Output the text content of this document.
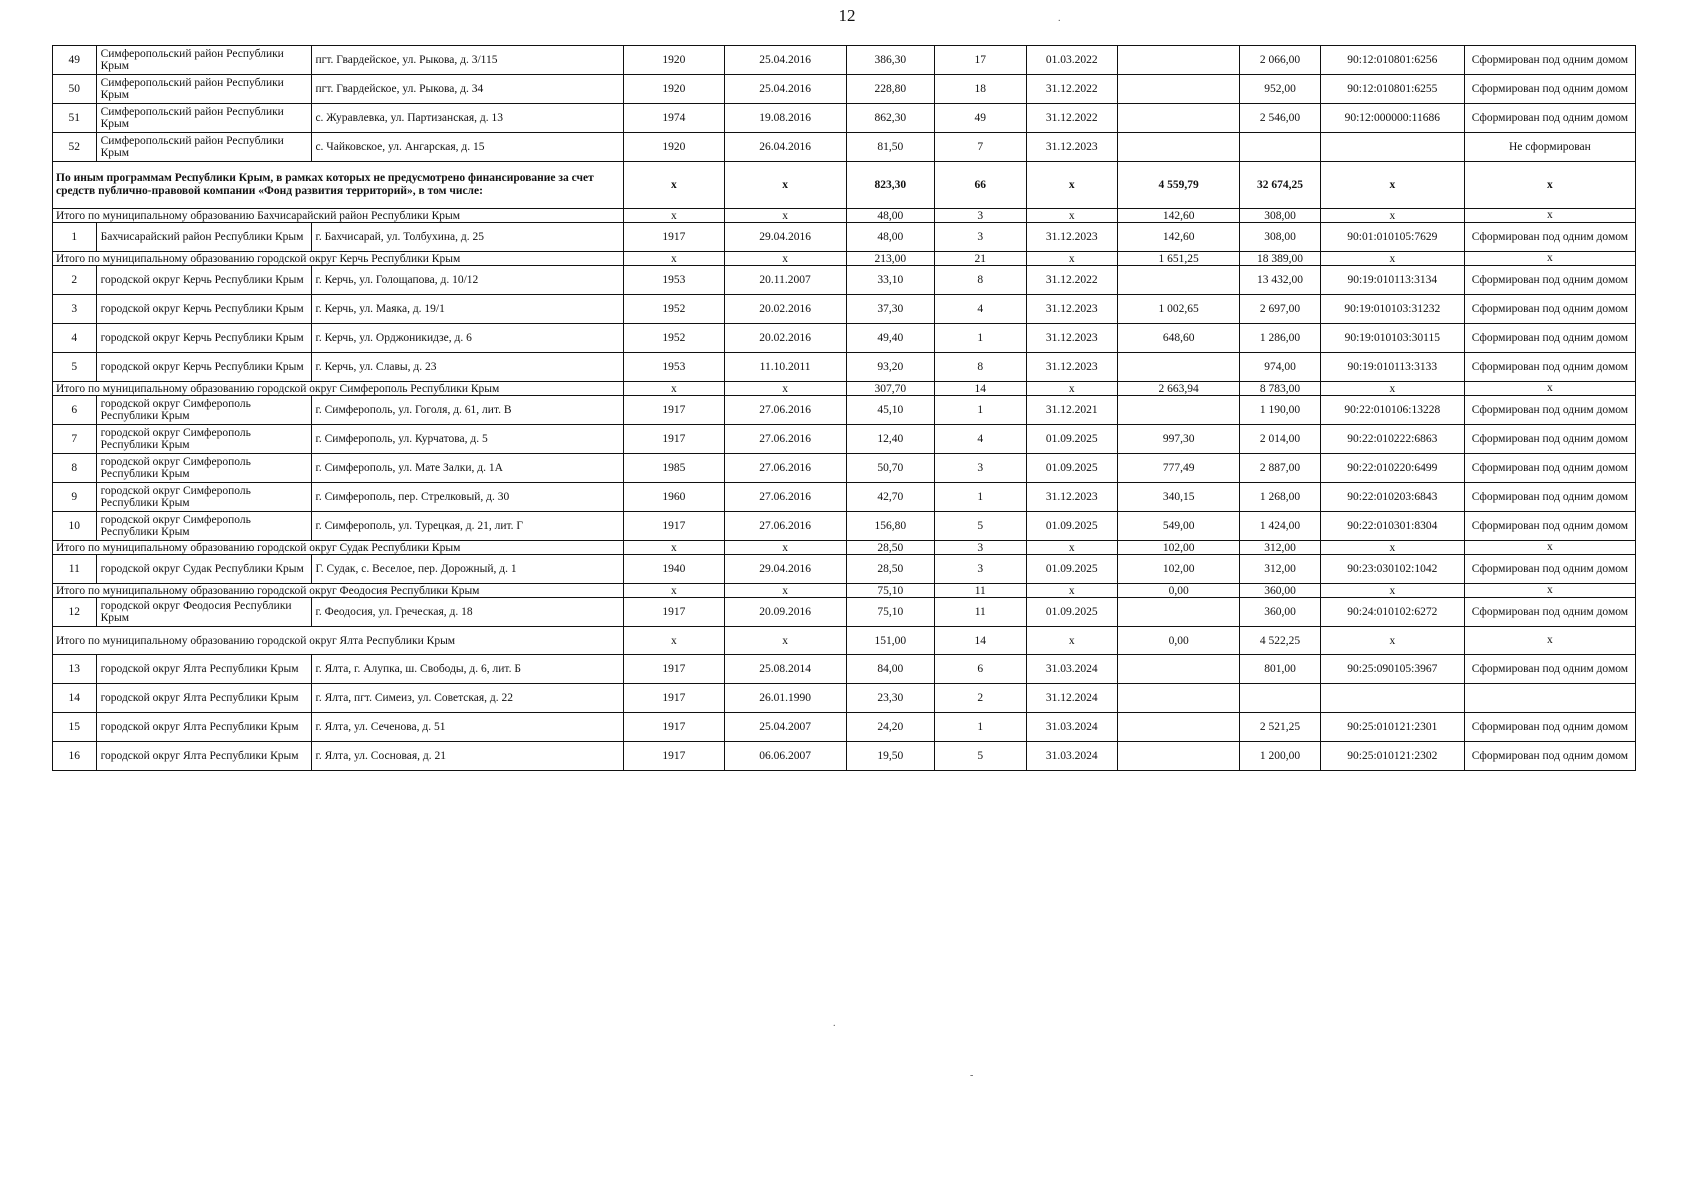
12
49	Симферопольский район Республики Крым	пгт. Гвардейское, ул. Рыкова, д. 3/115	1920	25.04.2016	386,30	17	01.03.2022		2 066,00	90:12:010801:6256	Сформирован под одним домом
50	Симферопольский район Республики Крым	пгт. Гвардейское, ул. Рыкова, д. 34	1920	25.04.2016	228,80	18	31.12.2022		952,00	90:12:010801:6255	Сформирован под одним домом
51	Симферопольский район Республики Крым	с. Журавлевка, ул. Партизанская, д. 13	1974	19.08.2016	862,30	49	31.12.2022		2 546,00	90:12:000000:11686	Сформирован под одним домом
52	Симферопольский район Республики Крым	с. Чайковское, ул. Ангарская, д. 15	1920	26.04.2016	81,50	7	31.12.2023				Не сформирован
По иным программам Республики Крым, в рамках которых не предусмотрено финансирование за счет средств публично-правовой компании «Фонд развития территорий», в том числе:			x	x	823,30	66	x	4 559,79	32 674,25	x	x
Итого по муниципальному образованию Бахчисарайский район Республики Крым			x	x	48,00	3	x	142,60	308,00	x	x
1	Бахчисарайский район Республики Крым	г. Бахчисарай, ул. Толбухина, д. 25	1917	29.04.2016	48,00	3	31.12.2023	142,60	308,00	90:01:010105:7629	Сформирован под одним домом
Итого по муниципальному образованию городской округ Керчь Республики Крым			x	x	213,00	21	x	1 651,25	18 389,00	x	x
2	городской округ Керчь Республики Крым	г. Керчь, ул. Голощапова, д. 10/12	1953	20.11.2007	33,10	8	31.12.2022		13 432,00	90:19:010113:3134	Сформирован под одним домом
3	городской округ Керчь Республики Крым	г. Керчь, ул. Маяка, д. 19/1	1952	20.02.2016	37,30	4	31.12.2023	1 002,65	2 697,00	90:19:010103:31232	Сформирован под одним домом
4	городской округ Керчь Республики Крым	г. Керчь, ул. Орджоникидзе, д. 6	1952	20.02.2016	49,40	1	31.12.2023	648,60	1 286,00	90:19:010103:30115	Сформирован под одним домом
5	городской округ Керчь Республики Крым	г. Керчь, ул. Славы, д. 23	1953	11.10.2011	93,20	8	31.12.2023		974,00	90:19:010113:3133	Сформирован под одним домом
Итого по муниципальному образованию городской округ Симферополь Республики Крым			x	x	307,70	14	x	2 663,94	8 783,00	x	x
6	городской округ Симферополь Республики Крым	г. Симферополь, ул. Гоголя, д. 61, лит. В	1917	27.06.2016	45,10	1	31.12.2021		1 190,00	90:22:010106:13228	Сформирован под одним домом
7	городской округ Симферополь Республики Крым	г. Симферополь, ул. Курчатова, д. 5	1917	27.06.2016	12,40	4	01.09.2025	997,30	2 014,00	90:22:010222:6863	Сформирован под одним домом
8	городской округ Симферополь Республики Крым	г. Симферополь, ул. Мате Залки, д. 1А	1985	27.06.2016	50,70	3	01.09.2025	777,49	2 887,00	90:22:010220:6499	Сформирован под одним домом
9	городской округ Симферополь Республики Крым	г. Симферополь, пер. Стрелковый, д. 30	1960	27.06.2016	42,70	1	31.12.2023	340,15	1 268,00	90:22:010203:6843	Сформирован под одним домом
10	городской округ Симферополь Республики Крым	г. Симферополь, ул. Турецкая, д. 21, лит. Г	1917	27.06.2016	156,80	5	01.09.2025	549,00	1 424,00	90:22:010301:8304	Сформирован под одним домом
Итого по муниципальному образованию городской округ Судак Республики Крым			x	x	28,50	3	x	102,00	312,00	x	x
11	городской округ Судак Республики Крым	Г. Судак, с. Веселое, пер. Дорожный, д. 1	1940	29.04.2016	28,50	3	01.09.2025	102,00	312,00	90:23:030102:1042	Сформирован под одним домом
Итого по муниципальному образованию городской округ Феодосия Республики Крым			x	x	75,10	11	x	0,00	360,00	x	x
12	городской округ Феодосия Республики Крым	г. Феодосия, ул. Греческая, д. 18	1917	20.09.2016	75,10	11	01.09.2025		360,00	90:24:010102:6272	Сформирован под одним домом
Итого по муниципальному образованию городской округ Ялта Республики Крым			x	x	151,00	14	x	0,00	4 522,25	x	x
13	городской округ Ялта Республики Крым	г. Ялта, г. Алупка, ш. Свободы, д. 6, лит. Б	1917	25.08.2014	84,00	6	31.03.2024		801,00	90:25:090105:3967	Сформирован под одним домом
14	городской округ Ялта Республики Крым	г. Ялта, пгт. Симеиз, ул. Советская, д. 22	1917	26.01.1990	23,30	2	31.12.2024				
15	городской округ Ялта Республики Крым	г. Ялта, ул. Сеченова, д. 51	1917	25.04.2007	24,20	1	31.03.2024		2 521,25	90:25:010121:2301	Сформирован под одним домом
16	городской округ Ялта Республики Крым	г. Ялта, ул. Сосновая, д. 21	1917	06.06.2007	19,50	5	31.03.2024		1 200,00	90:25:010121:2302	Сформирован под одним домом
.
-
.
